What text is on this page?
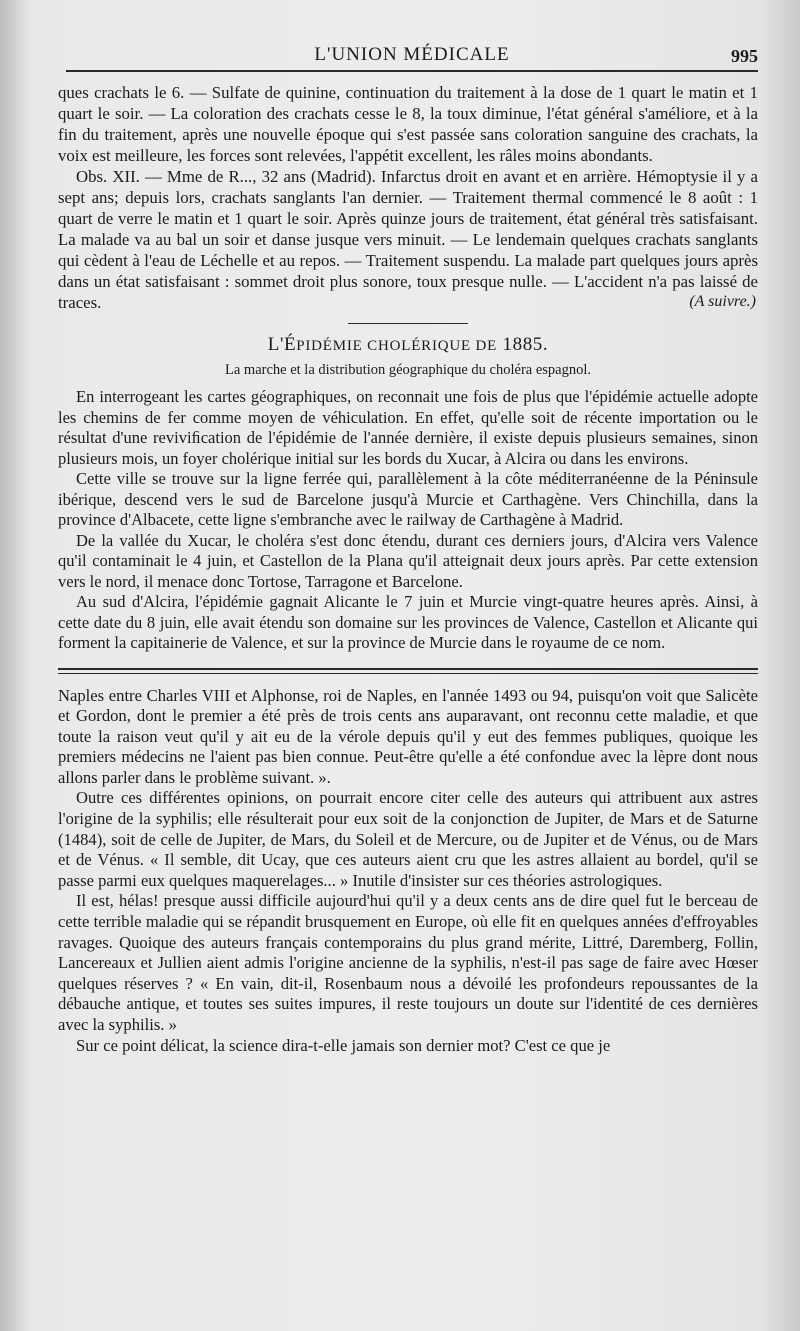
L'UNION MÉDICALE	995

ques crachats le 6. — Sulfate de quinine, continuation du traitement à la dose de 1 quart le matin et 1 quart le soir. — La coloration des crachats cesse le 8, la toux diminue, l'état général s'améliore, et à la fin du traitement, après une nouvelle époque qui s'est passée sans coloration sanguine des crachats, la voix est meilleure, les forces sont relevées, l'appétit excellent, les râles moins abondants.

Obs. XII. — Mme de R..., 32 ans (Madrid). Infarctus droit en avant et en arrière. Hémoptysie il y a sept ans; depuis lors, crachats sanglants l'an dernier. — Traitement thermal commencé le 8 août : 1 quart de verre le matin et 1 quart le soir. Après quinze jours de traitement, état général très satisfaisant. La malade va au bal un soir et danse jusque vers minuit. — Le lendemain quelques crachats sanglants qui cèdent à l'eau de Léchelle et au repos. — Traitement suspendu. La malade part quelques jours après dans un état satisfaisant : sommet droit plus sonore, toux presque nulle. — L'accident n'a pas laissé de traces.	(A suivre.)
L'ÉPIDÉMIE CHOLÉRIQUE DE 1885.
La marche et la distribution géographique du choléra espagnol.

En interrogeant les cartes géographiques, on reconnait une fois de plus que l'épidémie actuelle adopte les chemins de fer comme moyen de véhiculation. En effet, qu'elle soit de récente importation ou le résultat d'une reviviﬁcation de l'épidémie de l'année dernière, il existe depuis plusieurs semaines, sinon plusieurs mois, un foyer cholérique initial sur les bords du Xucar, à Alcira ou dans les environs.

Cette ville se trouve sur la ligne ferrée qui, parallèlement à la côte méditerranéenne de la Péninsule ibérique, descend vers le sud de Barcelone jusqu'à Murcie et Carthagène. Vers Chinchilla, dans la province d'Albacete, cette ligne s'embranche avec le railway de Carthagène à Madrid.

De la vallée du Xucar, le choléra s'est donc étendu, durant ces derniers jours, d'Alcira vers Valence qu'il contaminait le 4 juin, et Castellon de la Plana qu'il atteignait deux jours après. Par cette extension vers le nord, il menace donc Tortose, Tarragone et Barcelone.

Au sud d'Alcira, l'épidémie gagnait Alicante le 7 juin et Murcie vingt-quatre heures après. Ainsi, à cette date du 8 juin, elle avait étendu son domaine sur les provinces de Valence, Castellon et Alicante qui forment la capitainerie de Valence, et sur la province de Murcie dans le royaume de ce nom.

Naples entre Charles VIII et Alphonse, roi de Naples, en l'année 1493 ou 94, puisqu'on voit que Salicète et Gordon, dont le premier a été près de trois cents ans auparavant, ont reconnu cette maladie, et que toute la raison veut qu'il y ait eu de la vérole depuis qu'il y eut des femmes publiques, quoique les premiers médecins ne l'aient pas bien connue. Peut-être qu'elle a été confondue avec la lèpre dont nous allons parler dans le problème suivant. ».

Outre ces différentes opinions, on pourrait encore citer celle des auteurs qui attribuent aux astres l'origine de la syphilis; elle résulterait pour eux soit de la conjonction de Jupiter, de Mars et de Saturne (1484), soit de celle de Jupiter, de Mars, du Soleil et de Mercure, ou de Jupiter et de Vénus, ou de Mars et de Vénus. « Il semble, dit Ucay, que ces auteurs aient cru que les astres allaient au bordel, qu'il se passe parmi eux quelques maquerelages... » Inutile d'insister sur ces théories astrologiques.

Il est, hélas! presque aussi difficile aujourd'hui qu'il y a deux cents ans de dire quel fut le berceau de cette terrible maladie qui se répandit brusquement en Europe, où elle fit en quelques années d'effroyables ravages. Quoique des auteurs français contemporains du plus grand mérite, Littré, Daremberg, Follin, Lancereaux et Jullien aient admis l'origine ancienne de la syphilis, n'est-il pas sage de faire avec Hœser quelques réserves ? « En vain, dit-il, Rosenbaum nous a dévoilé les profondeurs repoussantes de la débauche antique, et toutes ses suites impures, il reste toujours un doute sur l'identité de ces dernières avec la syphilis. »

Sur ce point délicat, la science dira-t-elle jamais son dernier mot? C'est ce que je
